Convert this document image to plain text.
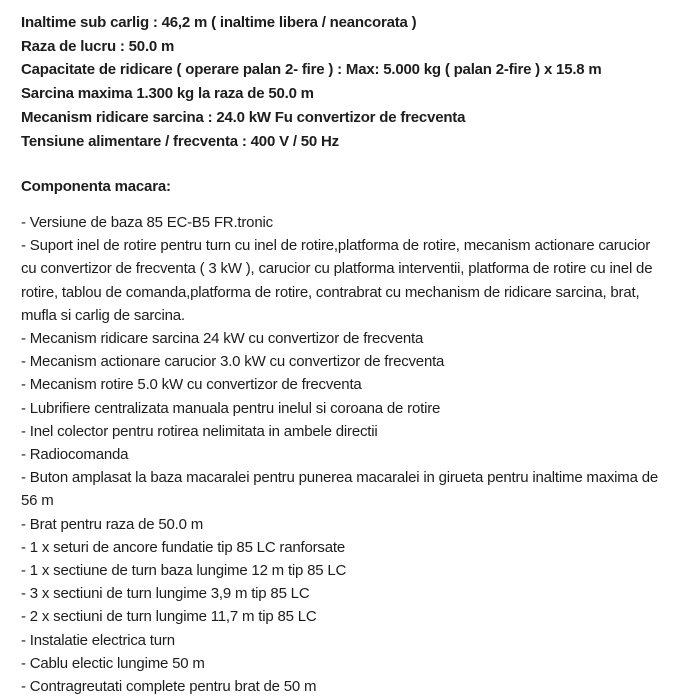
Inaltime sub carlig : 46,2 m ( inaltime libera / neancorata )
Raza de lucru : 50.0 m
Capacitate de ridicare ( operare palan 2- fire ) : Max: 5.000 kg ( palan 2-fire ) x 15.8 m
Sarcina maxima 1.300 kg la raza de 50.0 m
Mecanism ridicare sarcina : 24.0 kW Fu convertizor de frecventa
Tensiune alimentare / frecventa : 400 V / 50 Hz
Componenta macara:
- Versiune de baza 85 EC-B5 FR.tronic
- Suport inel de rotire pentru turn cu inel de rotire,platforma de rotire, mecanism actionare carucior cu convertizor de frecventa ( 3 kW ), carucior cu platforma interventii, platforma de rotire cu inel de rotire, tablou de comanda,platforma de rotire, contrabrat cu mechanism de ridicare sarcina, brat, mufla si carlig de sarcina.
- Mecanism ridicare sarcina 24 kW cu convertizor de frecventa
- Mecanism actionare carucior 3.0 kW cu convertizor de frecventa
- Mecanism rotire 5.0 kW cu convertizor de frecventa
- Lubrifiere centralizata manuala pentru inelul si coroana de rotire
- Inel colector pentru rotirea nelimitata in ambele directii
- Radiocomanda
- Buton amplasat la baza macaralei pentru punerea macaralei in girueta pentru inaltime maxima de 56 m
- Brat pentru raza de 50.0 m
- 1 x seturi de ancore fundatie tip 85 LC ranforsate
- 1 x sectiune de turn baza lungime 12 m tip 85 LC
- 3 x sectiuni de turn lungime 3,9 m tip 85 LC
- 2 x sectiuni de turn lungime 11,7 m tip 85 LC
- Instalatie electrica turn
- Cablu electic lungime 50 m
- Contragreutati complete pentru brat de 50 m
